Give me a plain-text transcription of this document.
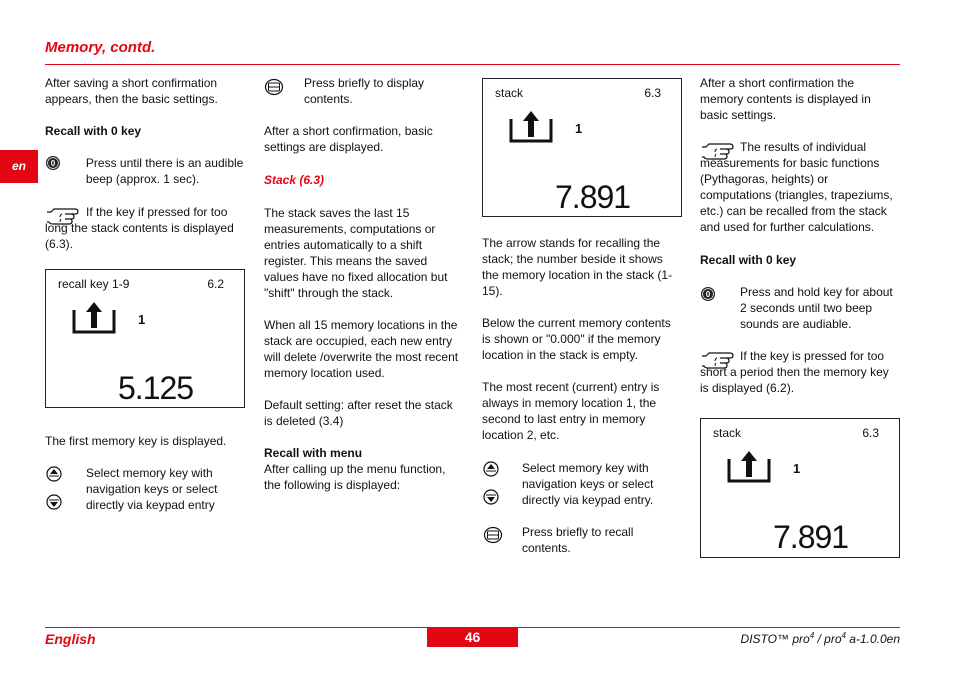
Memory, contd.
en
After saving a short confirmation appears, then the basic settings.
Recall with 0 key
0	Press until there is an audible beep (approx. 1 sec).
If the key if pressed for too long the stack contents is displayed (6.3).
recall key 1-9	6.2
1
5.125
The first memory key is displayed.
Select memory key with navigation keys or select directly via keypad entry
Press briefly to display contents.
After a short confirmation, basic settings are displayed.
Stack (6.3)
The stack saves the last 15 measurements, computations or entries automatically to a shift register. This means the saved values have no fixed allocation but "shift" through the stack.
When all 15 memory locations in the stack are occupied, each new entry will delete /overwrite the most recent memory location used.
Default setting: after reset the stack is deleted (3.4)
Recall with menu
After calling up the menu function, the following is displayed:
stack	6.3
1
7.891
The arrow stands for recalling the stack; the number beside it shows the memory location in the stack (1-15).
Below the current memory contents is shown or "0.000" if the memory location in the stack is empty.
The most recent (current) entry is always in memory location 1, the second to last entry in memory location 2, etc.
Select memory key with navigation keys or select directly via keypad entry.
Press briefly to recall contents.
After a short confirmation the memory contents is displayed in basic settings.
The results of individual measurements for basic functions (Pythagoras, heights) or computations (triangles, trapeziums, etc.) can be recalled from the stack and used for further calculations.
Recall with 0 key
0 Press and hold key for about 2 seconds until two beep sounds are audiable.
If the key is pressed for too short a period then the memory key is displayed (6.2).
stack	6.3
1
7.891
English	46	DISTO™ pro$^4$ / pro$^4$ a-1.0.0en
